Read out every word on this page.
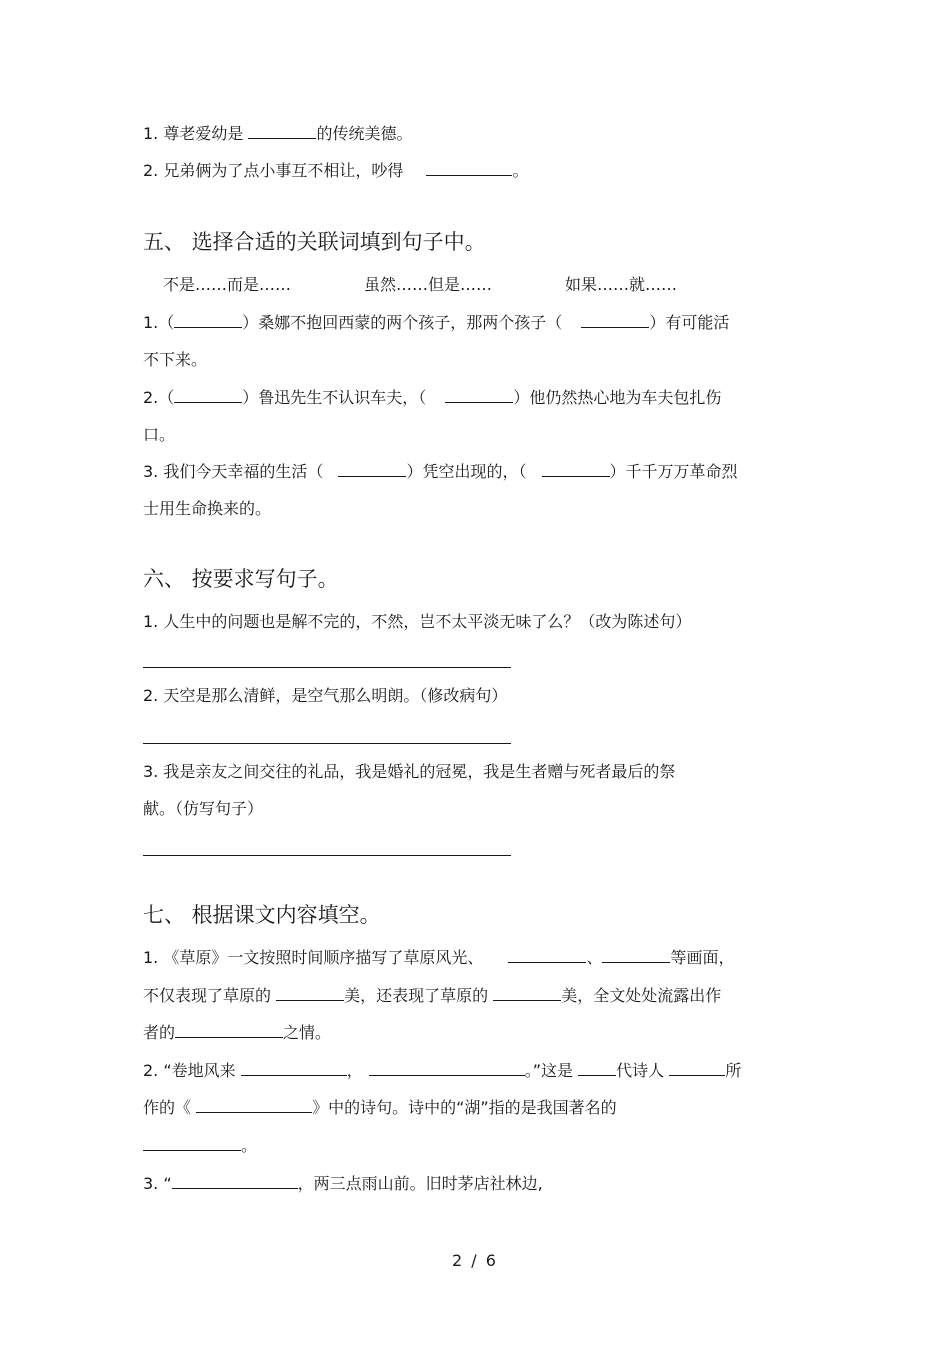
1. 尊老爱幼是	的传统美德。
2. 兄弟俩为了点小事互不相让，吵得	。
五、 选择合适的关联词填到句子中。
不是……而是……	虽然……但是……	如果……就……
1.（	）桑娜不抱回西蒙的两个孩子，那两个孩子（	）有可能活
不下来。
2.（	）鲁迅先生不认识车夫，（	）他仍然热心地为车夫包扎伤
口。
3. 我们今天幸福的生活（	）凭空出现的，（	）千千万万革命烈
士用生命换来的。
六、 按要求写句子。
1. 人生中的问题也是解不完的，不然，岂不太平淡无味了么？（改为陈述句）
2. 天空是那么清鲜，是空气那么明朗。（修改病句）
3. 我是亲友之间交往的礼品，我是婚礼的冠冕，我是生者赠与死者最后的祭
献。（仿写句子）
七、 根据课文内容填空。
1. 《草原》一文按照时间顺序描写了草原风光、	、	等画面，
不仅表现了草原的	美，还表现了草原的	美，全文处处流露出作
者的	之情。
2. “卷地风来	，	。”这是 代诗人	所
作的《	》中的诗句。诗中的“湖”指的是我国著名的
。
3. “	，两三点雨山前。旧时茅店社林边,
2 / 6
